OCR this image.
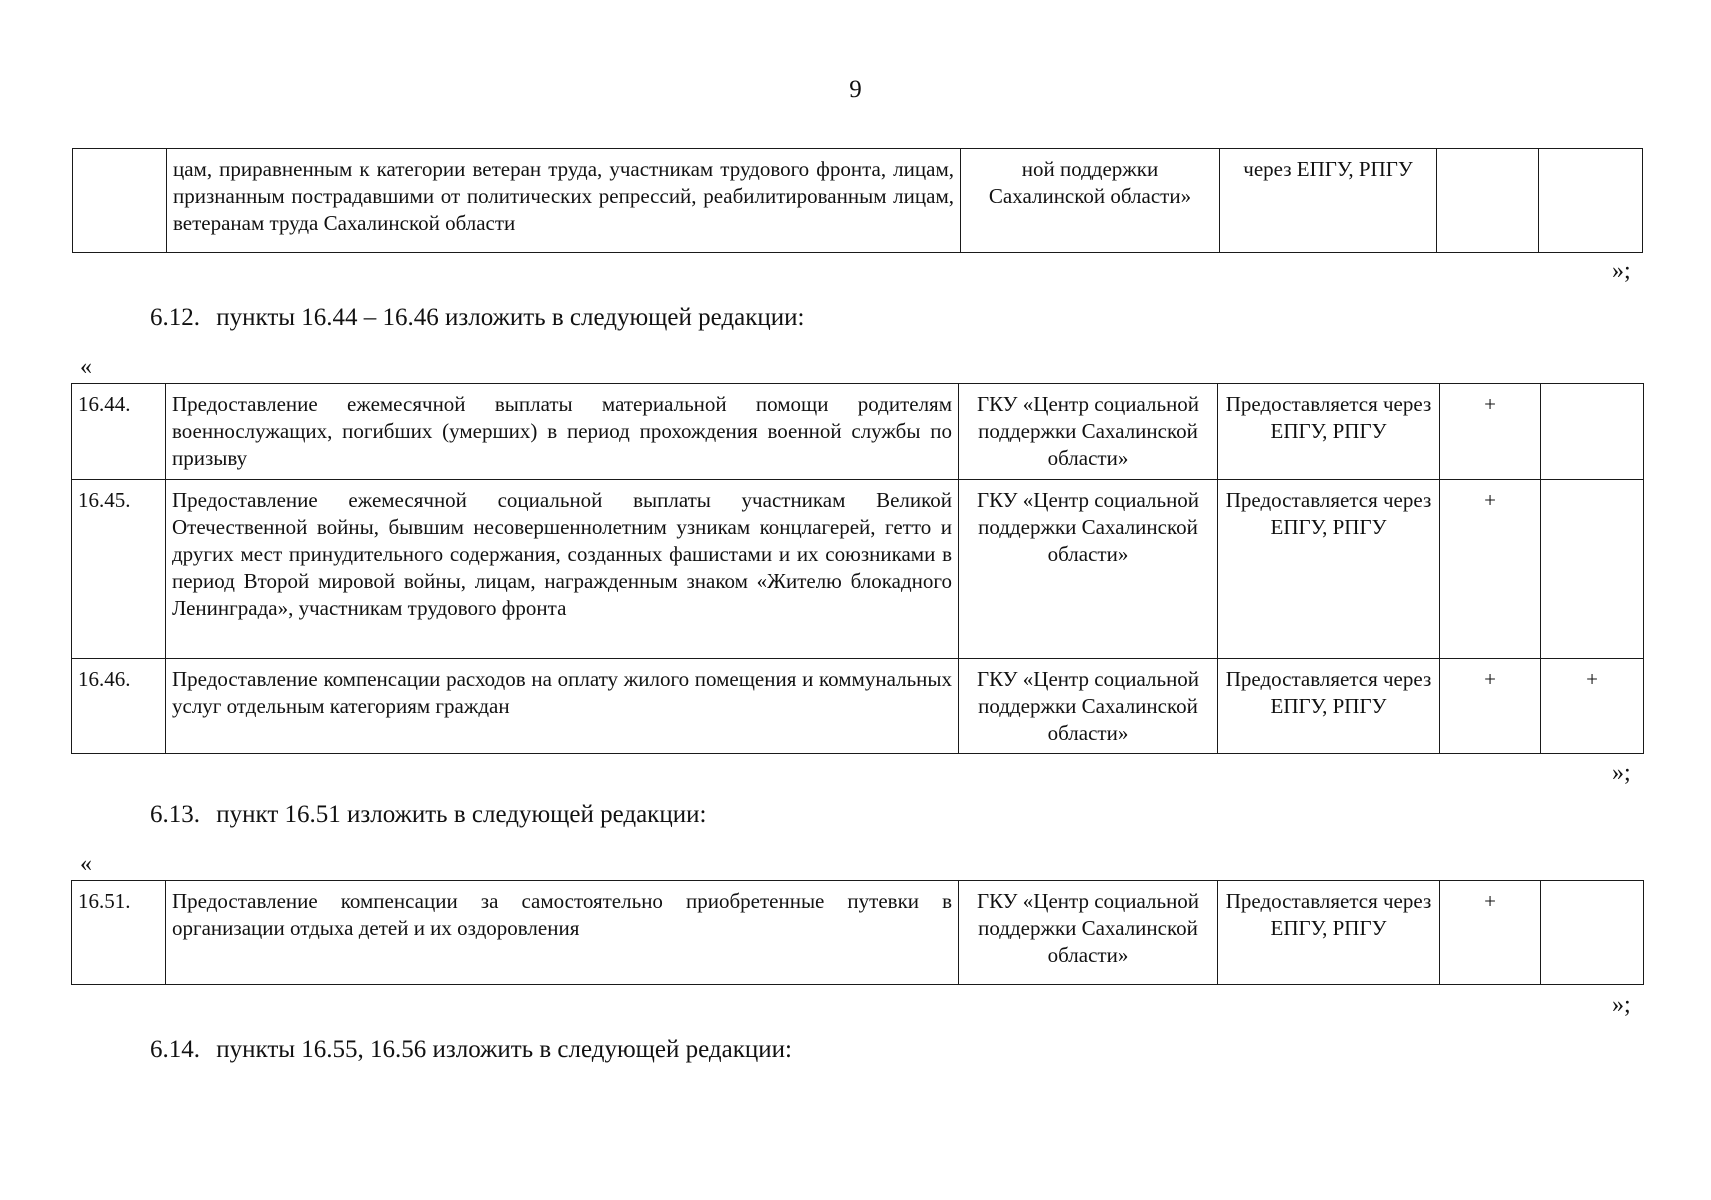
9
	цам, приравненным к категории ветеран труда, участникам трудового фронта, лицам, признанным пострадавшими от политических репрессий, реабилитированным лицам, ветеранам труда Сахалинской области	ной поддержки Сахалинской области»	через ЕПГУ, РПГУ		
»;
6.12. пункты 16.44 – 16.46 изложить в следующей редакции:
«
16.44.	Предоставление ежемесячной выплаты материальной помощи родителям военнослужащих, погибших (умерших) в период прохождения военной службы по призыву	ГКУ «Центр социальной поддержки Сахалинской области»	Предоставляется через ЕПГУ, РПГУ	+	
16.45.	Предоставление ежемесячной социальной выплаты участникам Великой Отечественной войны, бывшим несовершеннолетним узникам концлагерей, гетто и других мест принудительного содержания, созданных фашистами и их союзниками в период Второй мировой войны, лицам, награжденным знаком «Жителю блокадного Ленинграда», участникам трудового фронта	ГКУ «Центр социальной поддержки Сахалинской области»	Предоставляется через ЕПГУ, РПГУ	+	
16.46.	Предоставление компенсации расходов на оплату жилого помещения и коммунальных услуг отдельным категориям граждан	ГКУ «Центр социальной поддержки Сахалинской области»	Предоставляется через ЕПГУ, РПГУ	+	+
»;
6.13. пункт 16.51 изложить в следующей редакции:
«
16.51.	Предоставление компенсации за самостоятельно приобретенные путевки в организации отдыха детей и их оздоровления	ГКУ «Центр социальной поддержки Сахалинской области»	Предоставляется через ЕПГУ, РПГУ	+	
»;
6.14. пункты 16.55, 16.56 изложить в следующей редакции:
